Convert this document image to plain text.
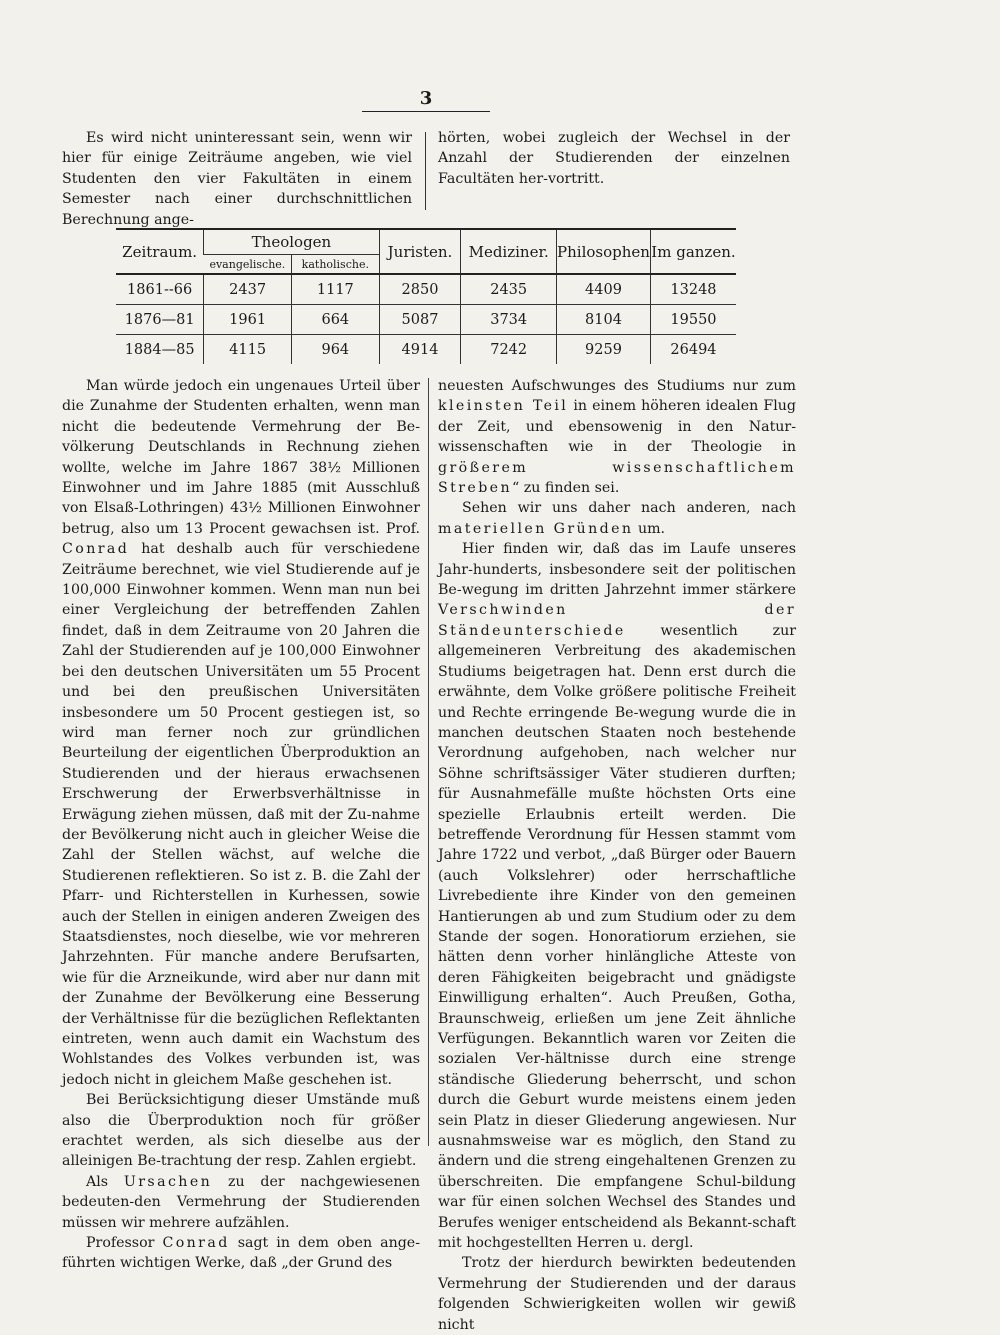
3

Es wird nicht uninteressant sein, wenn wir hier für einige Zeiträume angeben, wie viel Studenten den vier Fakultäten in einem Semester nach einer durchschnittlichen Berechnung ange-

hörten, wobei zugleich der Wechsel in der Anzahl der Studierenden der einzelnen Facultäten her-vortritt.

Zeitraum.	Theologen		Juristen.	Mediziner.	Philosophen	Im ganzen.
	evangelische.	katholische.				
1861--66	2437	1117	2850	2435	4409	13248
1876—81	1961	664	5087	3734	8104	19550
1884—85	4115	964	4914	7242	9259	26494

Man würde jedoch ein ungenaues Urteil über die Zunahme der Studenten erhalten, wenn man nicht die bedeutende Vermehrung der Be-völkerung Deutschlands in Rechnung ziehen wollte, welche im Jahre 1867 38½ Millionen Einwohner und im Jahre 1885 (mit Ausschluß von Elsaß-Lothringen) 43½ Millionen Einwohner betrug, also um 13 Procent gewachsen ist. Prof. Conrad hat deshalb auch für verschiedene Zeiträume berechnet, wie viel Studierende auf je 100,000 Einwohner kommen. Wenn man nun bei einer Vergleichung der betreffenden Zahlen findet, daß in dem Zeitraume von 20 Jahren die Zahl der Studierenden auf je 100,000 Einwohner bei den deutschen Universitäten um 55 Procent und bei den preußischen Universitäten insbesondere um 50 Procent gestiegen ist, so wird man ferner noch zur gründlichen Beurteilung der eigentlichen Überproduktion an Studierenden und der hieraus erwachsenen Erschwerung der Erwerbsverhältnisse in Erwägung ziehen müssen, daß mit der Zu-nahme der Bevölkerung nicht auch in gleicher Weise die Zahl der Stellen wächst, auf welche die Studierenen reflektieren. So ist z. B. die Zahl der Pfarr- und Richterstellen in Kurhessen, sowie auch der Stellen in einigen anderen Zweigen des Staatsdienstes, noch dieselbe, wie vor mehreren Jahrzehnten. Für manche andere Berufsarten, wie für die Arzneikunde, wird aber nur dann mit der Zunahme der Bevölkerung eine Besserung der Verhältnisse für die bezüglichen Reflektanten eintreten, wenn auch damit ein Wachstum des Wohlstandes des Volkes verbunden ist, was jedoch nicht in gleichem Maße geschehen ist.

Bei Berücksichtigung dieser Umstände muß also die Überproduktion noch für größer erachtet werden, als sich dieselbe aus der alleinigen Be-trachtung der resp. Zahlen ergiebt.

Als Ursachen zu der nachgewiesenen bedeuten-den Vermehrung der Studierenden müssen wir mehrere aufzählen.

Professor Conrad sagt in dem oben ange-führten wichtigen Werke, daß „der Grund des

neuesten Aufschwunges des Studiums nur zum kleinsten Teil in einem höheren idealen Flug der Zeit, und ebensowenig in den Natur-wissenschaften wie in der Theologie in größerem wissenschaftlichem Streben“ zu finden sei.

Sehen wir uns daher nach anderen, nach materiellen Gründen um.

Hier finden wir, daß das im Laufe unseres Jahr-hunderts, insbesondere seit der politischen Be-wegung im dritten Jahrzehnt immer stärkere Verschwinden der Ständeunterschiede wesentlich zur allgemeineren Verbreitung des akademischen Studiums beigetragen hat. Denn erst durch die erwähnte, dem Volke größere politische Freiheit und Rechte erringende Be-wegung wurde die in manchen deutschen Staaten noch bestehende Verordnung aufgehoben, nach welcher nur Söhne schriftsässiger Väter studieren durften; für Ausnahmefälle mußte höchsten Orts eine spezielle Erlaubnis erteilt werden. Die betreffende Verordnung für Hessen stammt vom Jahre 1722 und verbot, „daß Bürger oder Bauern (auch Volkslehrer) oder herrschaftliche Livrebediente ihre Kinder von den gemeinen Hantierungen ab und zum Studium oder zu dem Stande der sogen. Honoratiorum erziehen, sie hätten denn vorher hinlängliche Atteste von deren Fähigkeiten beigebracht und gnädigste Einwilligung erhalten“. Auch Preußen, Gotha, Braunschweig, erließen um jene Zeit ähnliche Verfügungen. Bekanntlich waren vor Zeiten die sozialen Ver-hältnisse durch eine strenge ständische Gliederung beherrscht, und schon durch die Geburt wurde meistens einem jeden sein Platz in dieser Gliederung angewiesen. Nur ausnahmsweise war es möglich, den Stand zu ändern und die streng eingehaltenen Grenzen zu überschreiten. Die empfangene Schul-bildung war für einen solchen Wechsel des Standes und Berufes weniger entscheidend als Bekannt-schaft mit hochgestellten Herren u. dergl.

Trotz der hierdurch bewirkten bedeutenden Vermehrung der Studierenden und der daraus folgenden Schwierigkeiten wollen wir gewiß nicht
